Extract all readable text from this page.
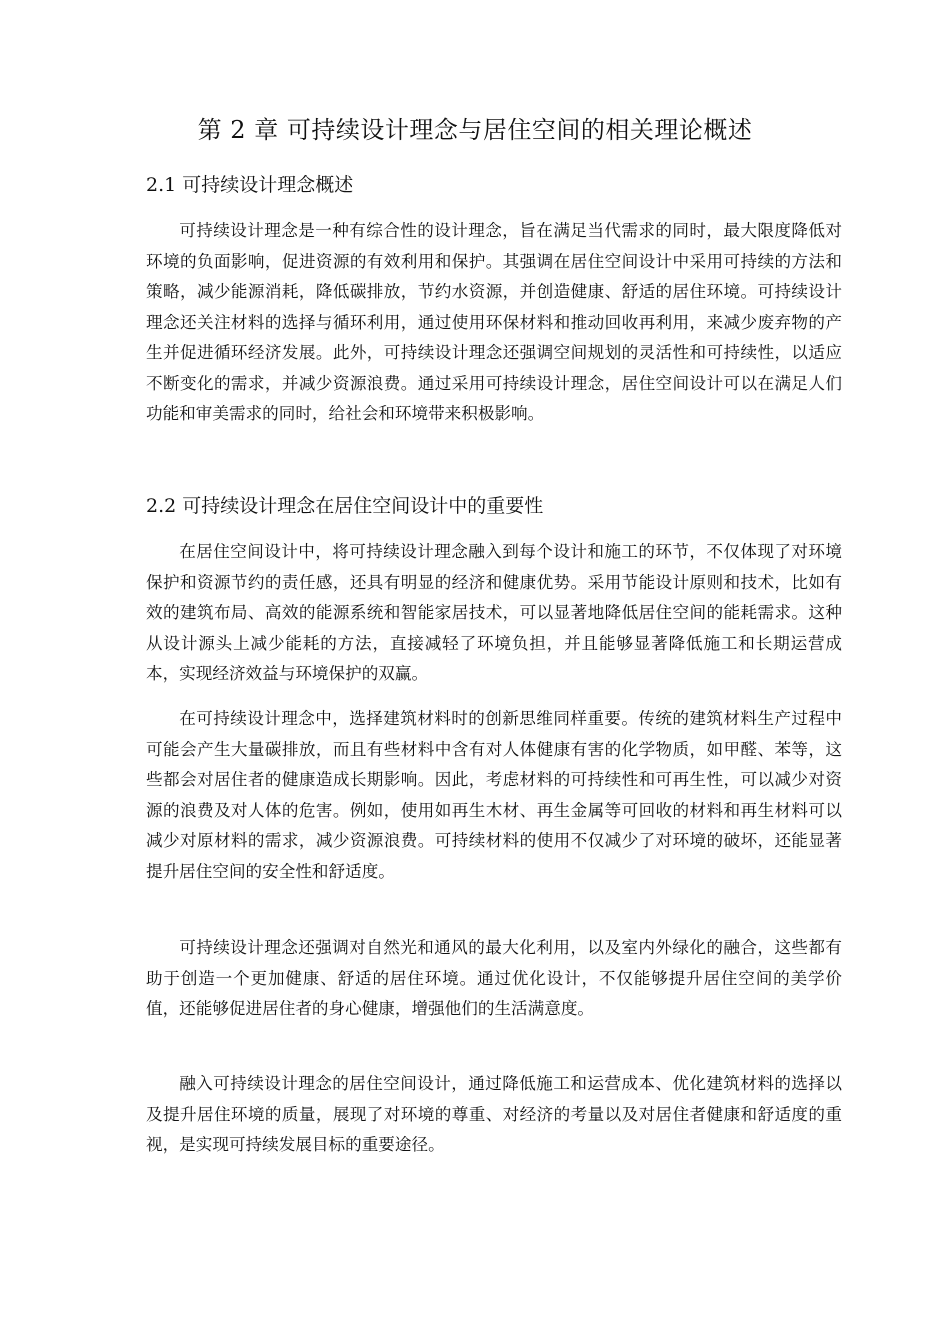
第 2 章 可持续设计理念与居住空间的相关理论概述
2.1 可持续设计理念概述

可持续设计理念是一种有综合性的设计理念，旨在满足当代需求的同时，最大限度降低对环境的负面影响，促进资源的有效利用和保护。其强调在居住空间设计中采用可持续的方法和策略，减少能源消耗，降低碳排放，节约水资源，并创造健康、舒适的居住环境。可持续设计理念还关注材料的选择与循环利用，通过使用环保材料和推动回收再利用，来减少废弃物的产生并促进循环经济发展。此外，可持续设计理念还强调空间规划的灵活性和可持续性，以适应不断变化的需求，并减少资源浪费。通过采用可持续设计理念，居住空间设计可以在满足人们功能和审美需求的同时，给社会和环境带来积极影响。

2.2 可持续设计理念在居住空间设计中的重要性

在居住空间设计中，将可持续设计理念融入到每个设计和施工的环节，不仅体现了对环境保护和资源节约的责任感，还具有明显的经济和健康优势。采用节能设计原则和技术，比如有效的建筑布局、高效的能源系统和智能家居技术，可以显著地降低居住空间的能耗需求。这种从设计源头上减少能耗的方法，直接减轻了环境负担，并且能够显著降低施工和长期运营成本，实现经济效益与环境保护的双赢。

在可持续设计理念中，选择建筑材料时的创新思维同样重要。传统的建筑材料生产过程中可能会产生大量碳排放，而且有些材料中含有对人体健康有害的化学物质，如甲醛、苯等，这些都会对居住者的健康造成长期影响。因此，考虑材料的可持续性和可再生性，可以减少对资源的浪费及对人体的危害。例如，使用如再生木材、再生金属等可回收的材料和再生材料可以减少对原材料的需求，减少资源浪费。可持续材料的使用不仅减少了对环境的破坏，还能显著提升居住空间的安全性和舒适度。

可持续设计理念还强调对自然光和通风的最大化利用，以及室内外绿化的融合，这些都有助于创造一个更加健康、舒适的居住环境。通过优化设计，不仅能够提升居住空间的美学价值，还能够促进居住者的身心健康，增强他们的生活满意度。

融入可持续设计理念的居住空间设计，通过降低施工和运营成本、优化建筑材料的选择以及提升居住环境的质量，展现了对环境的尊重、对经济的考量以及对居住者健康和舒适度的重视，是实现可持续发展目标的重要途径。
